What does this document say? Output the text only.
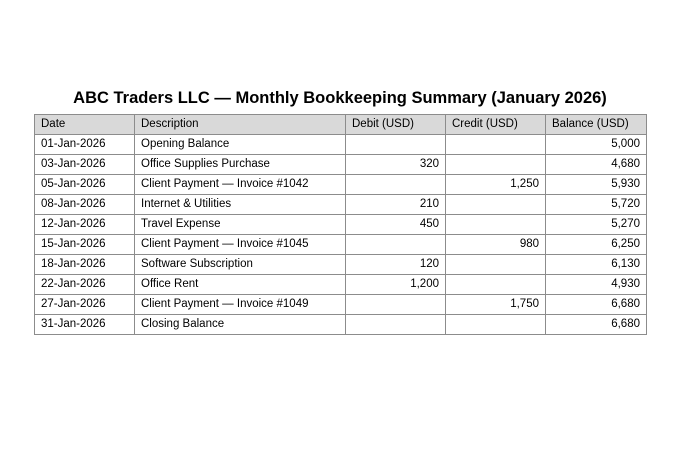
ABC Traders LLC — Monthly Bookkeeping Summary (January 2026)
Date	Description	Debit (USD)	Credit (USD)	Balance (USD)
01-Jan-2026	Opening Balance			5,000
03-Jan-2026	Office Supplies Purchase	320		4,680
05-Jan-2026	Client Payment — Invoice #1042		1,250	5,930
08-Jan-2026	Internet & Utilities	210		5,720
12-Jan-2026	Travel Expense	450		5,270
15-Jan-2026	Client Payment — Invoice #1045		980	6,250
18-Jan-2026	Software Subscription	120		6,130
22-Jan-2026	Office Rent	1,200		4,930
27-Jan-2026	Client Payment — Invoice #1049		1,750	6,680
31-Jan-2026	Closing Balance			6,680
